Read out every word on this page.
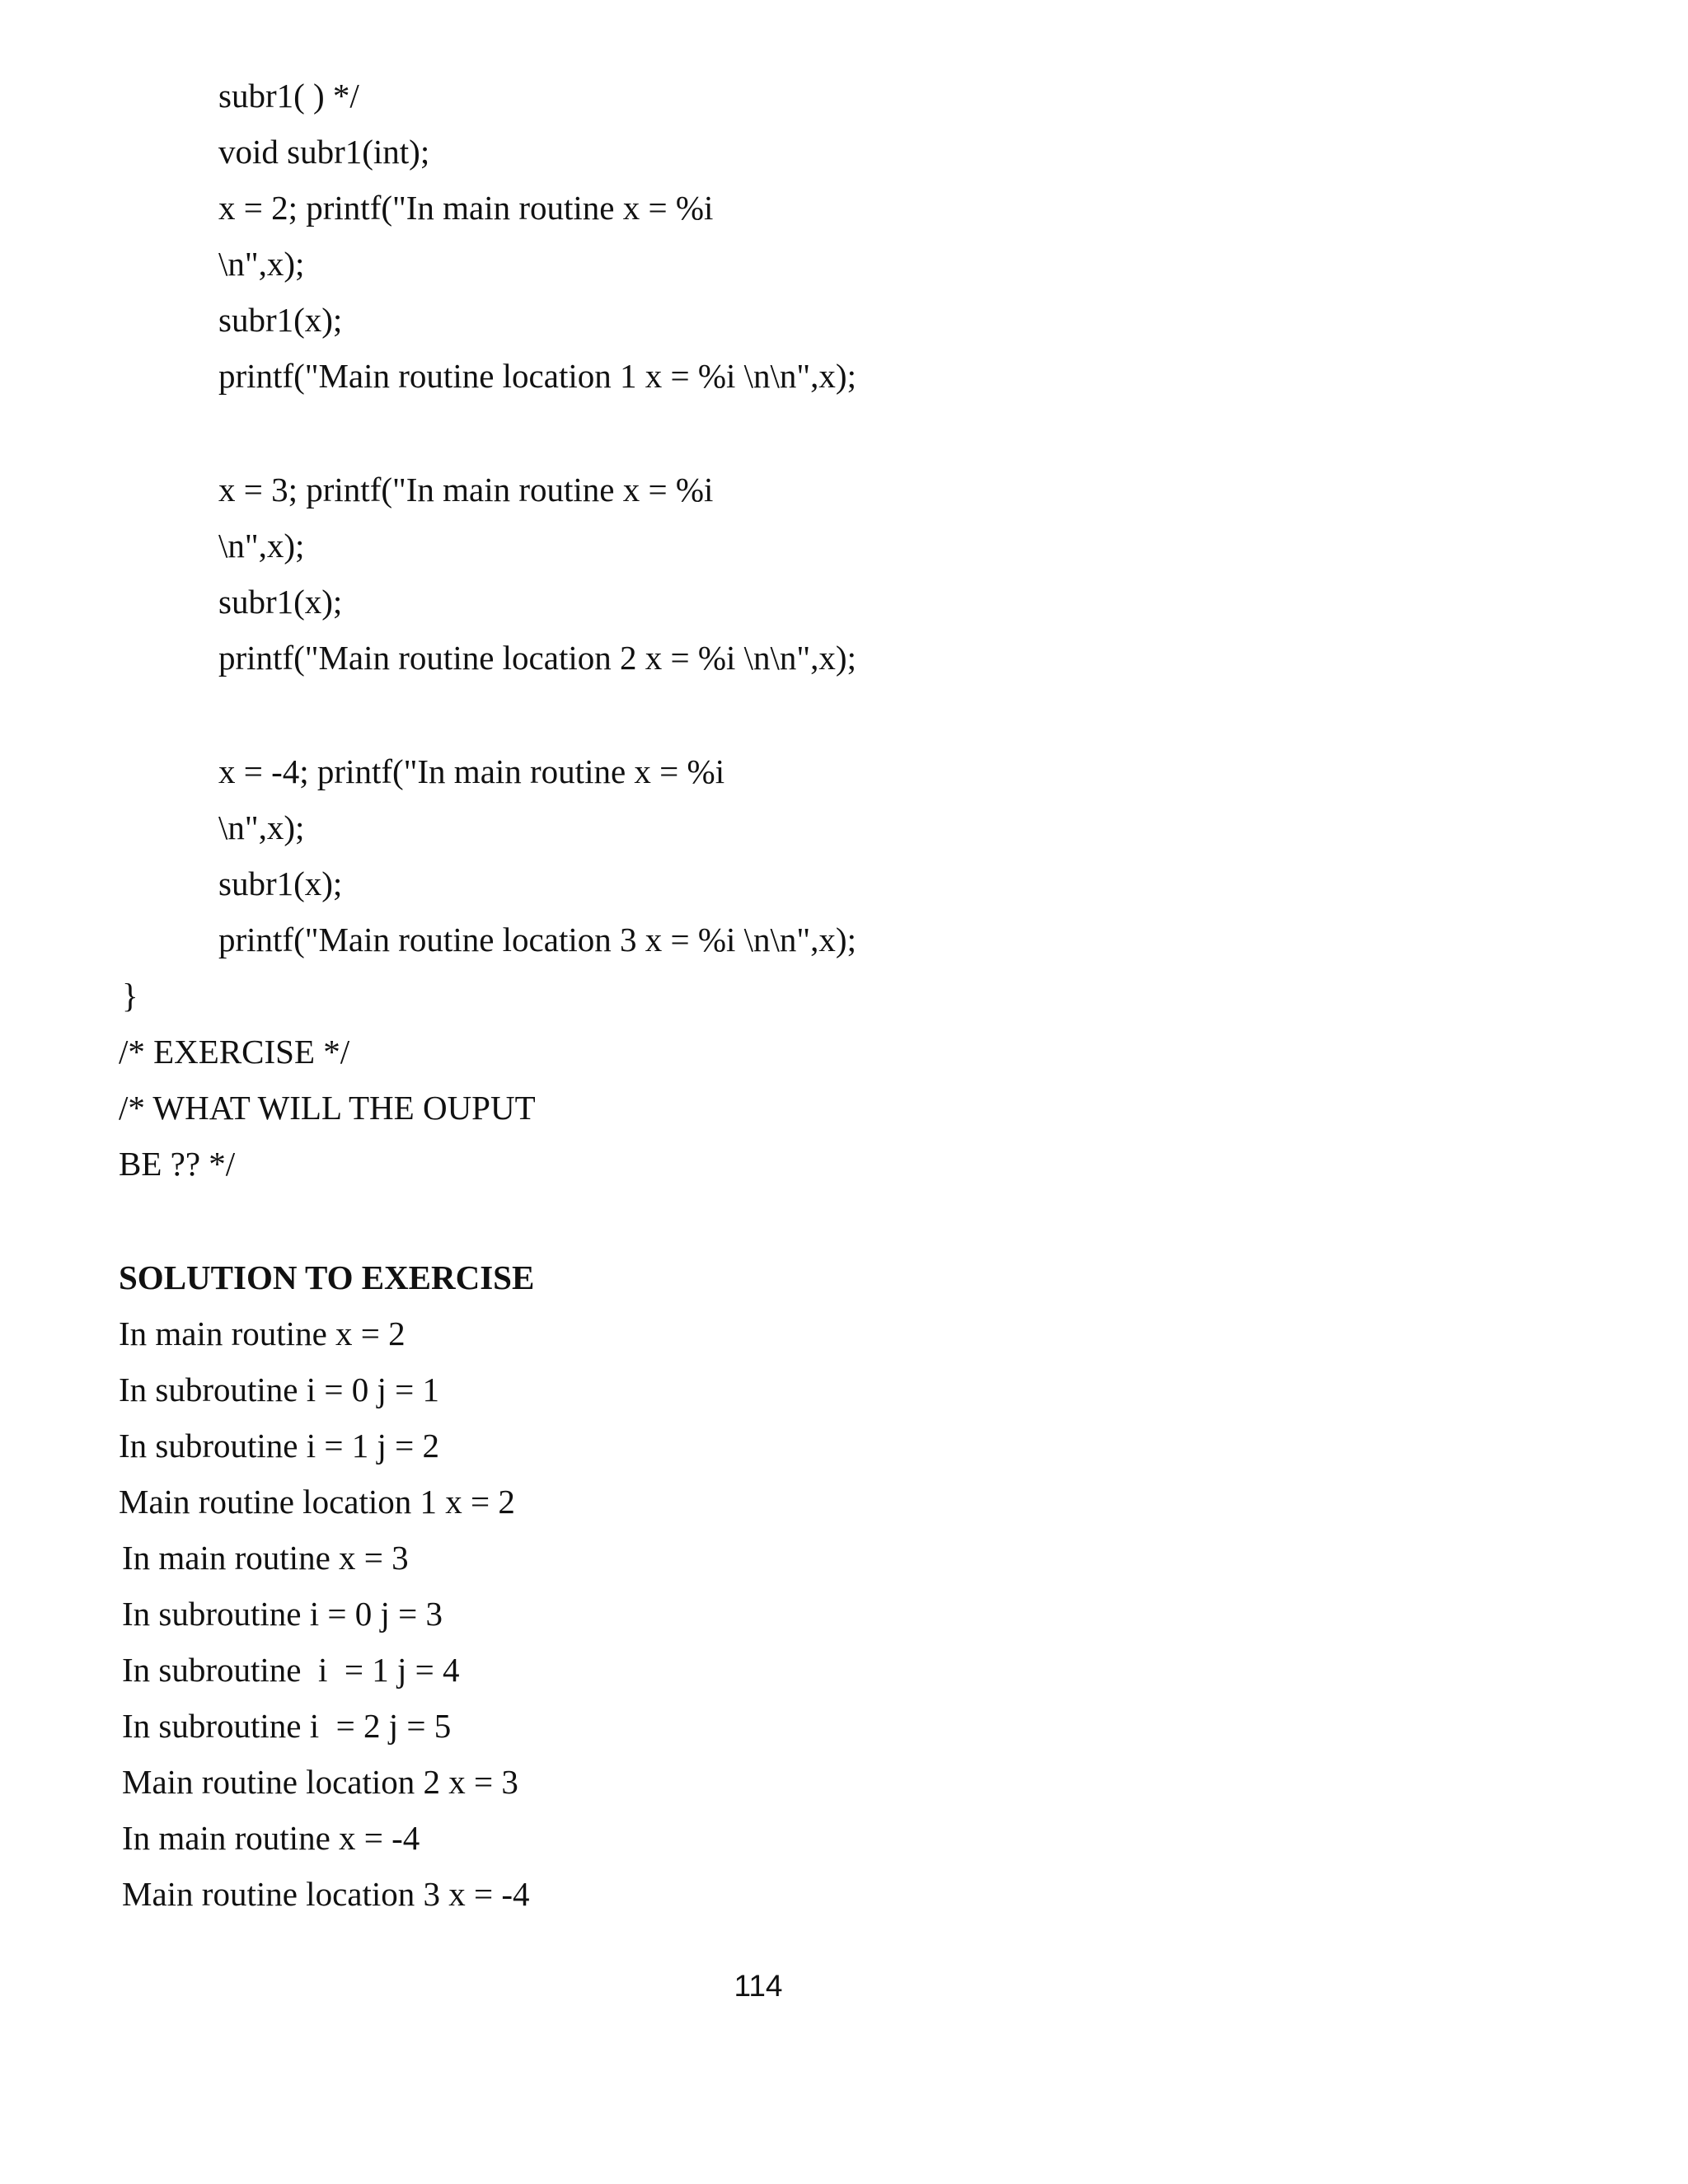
subr1( ) */

void subr1(int);

x = 2; printf("In main routine x = %i

\n",x);

subr1(x);

printf("Main routine location 1 x = %i \n\n",x);

x = 3; printf("In main routine x = %i

\n",x);

subr1(x);

printf("Main routine location 2 x = %i \n\n",x);

x = -4; printf("In main routine x = %i

\n",x);

subr1(x);

printf("Main routine location 3 x = %i \n\n",x);

}

/* EXERCISE */

/* WHAT WILL THE OUPUT

BE ?? */

SOLUTION TO EXERCISE

In main routine x = 2

In subroutine i = 0 j = 1

In subroutine i = 1 j = 2

Main routine location 1 x = 2

In main routine x = 3

In subroutine i = 0 j = 3

In subroutine  i  = 1 j = 4

In subroutine i  = 2 j = 5

Main routine location 2 x = 3

In main routine x = -4

Main routine location 3 x = -4

114
